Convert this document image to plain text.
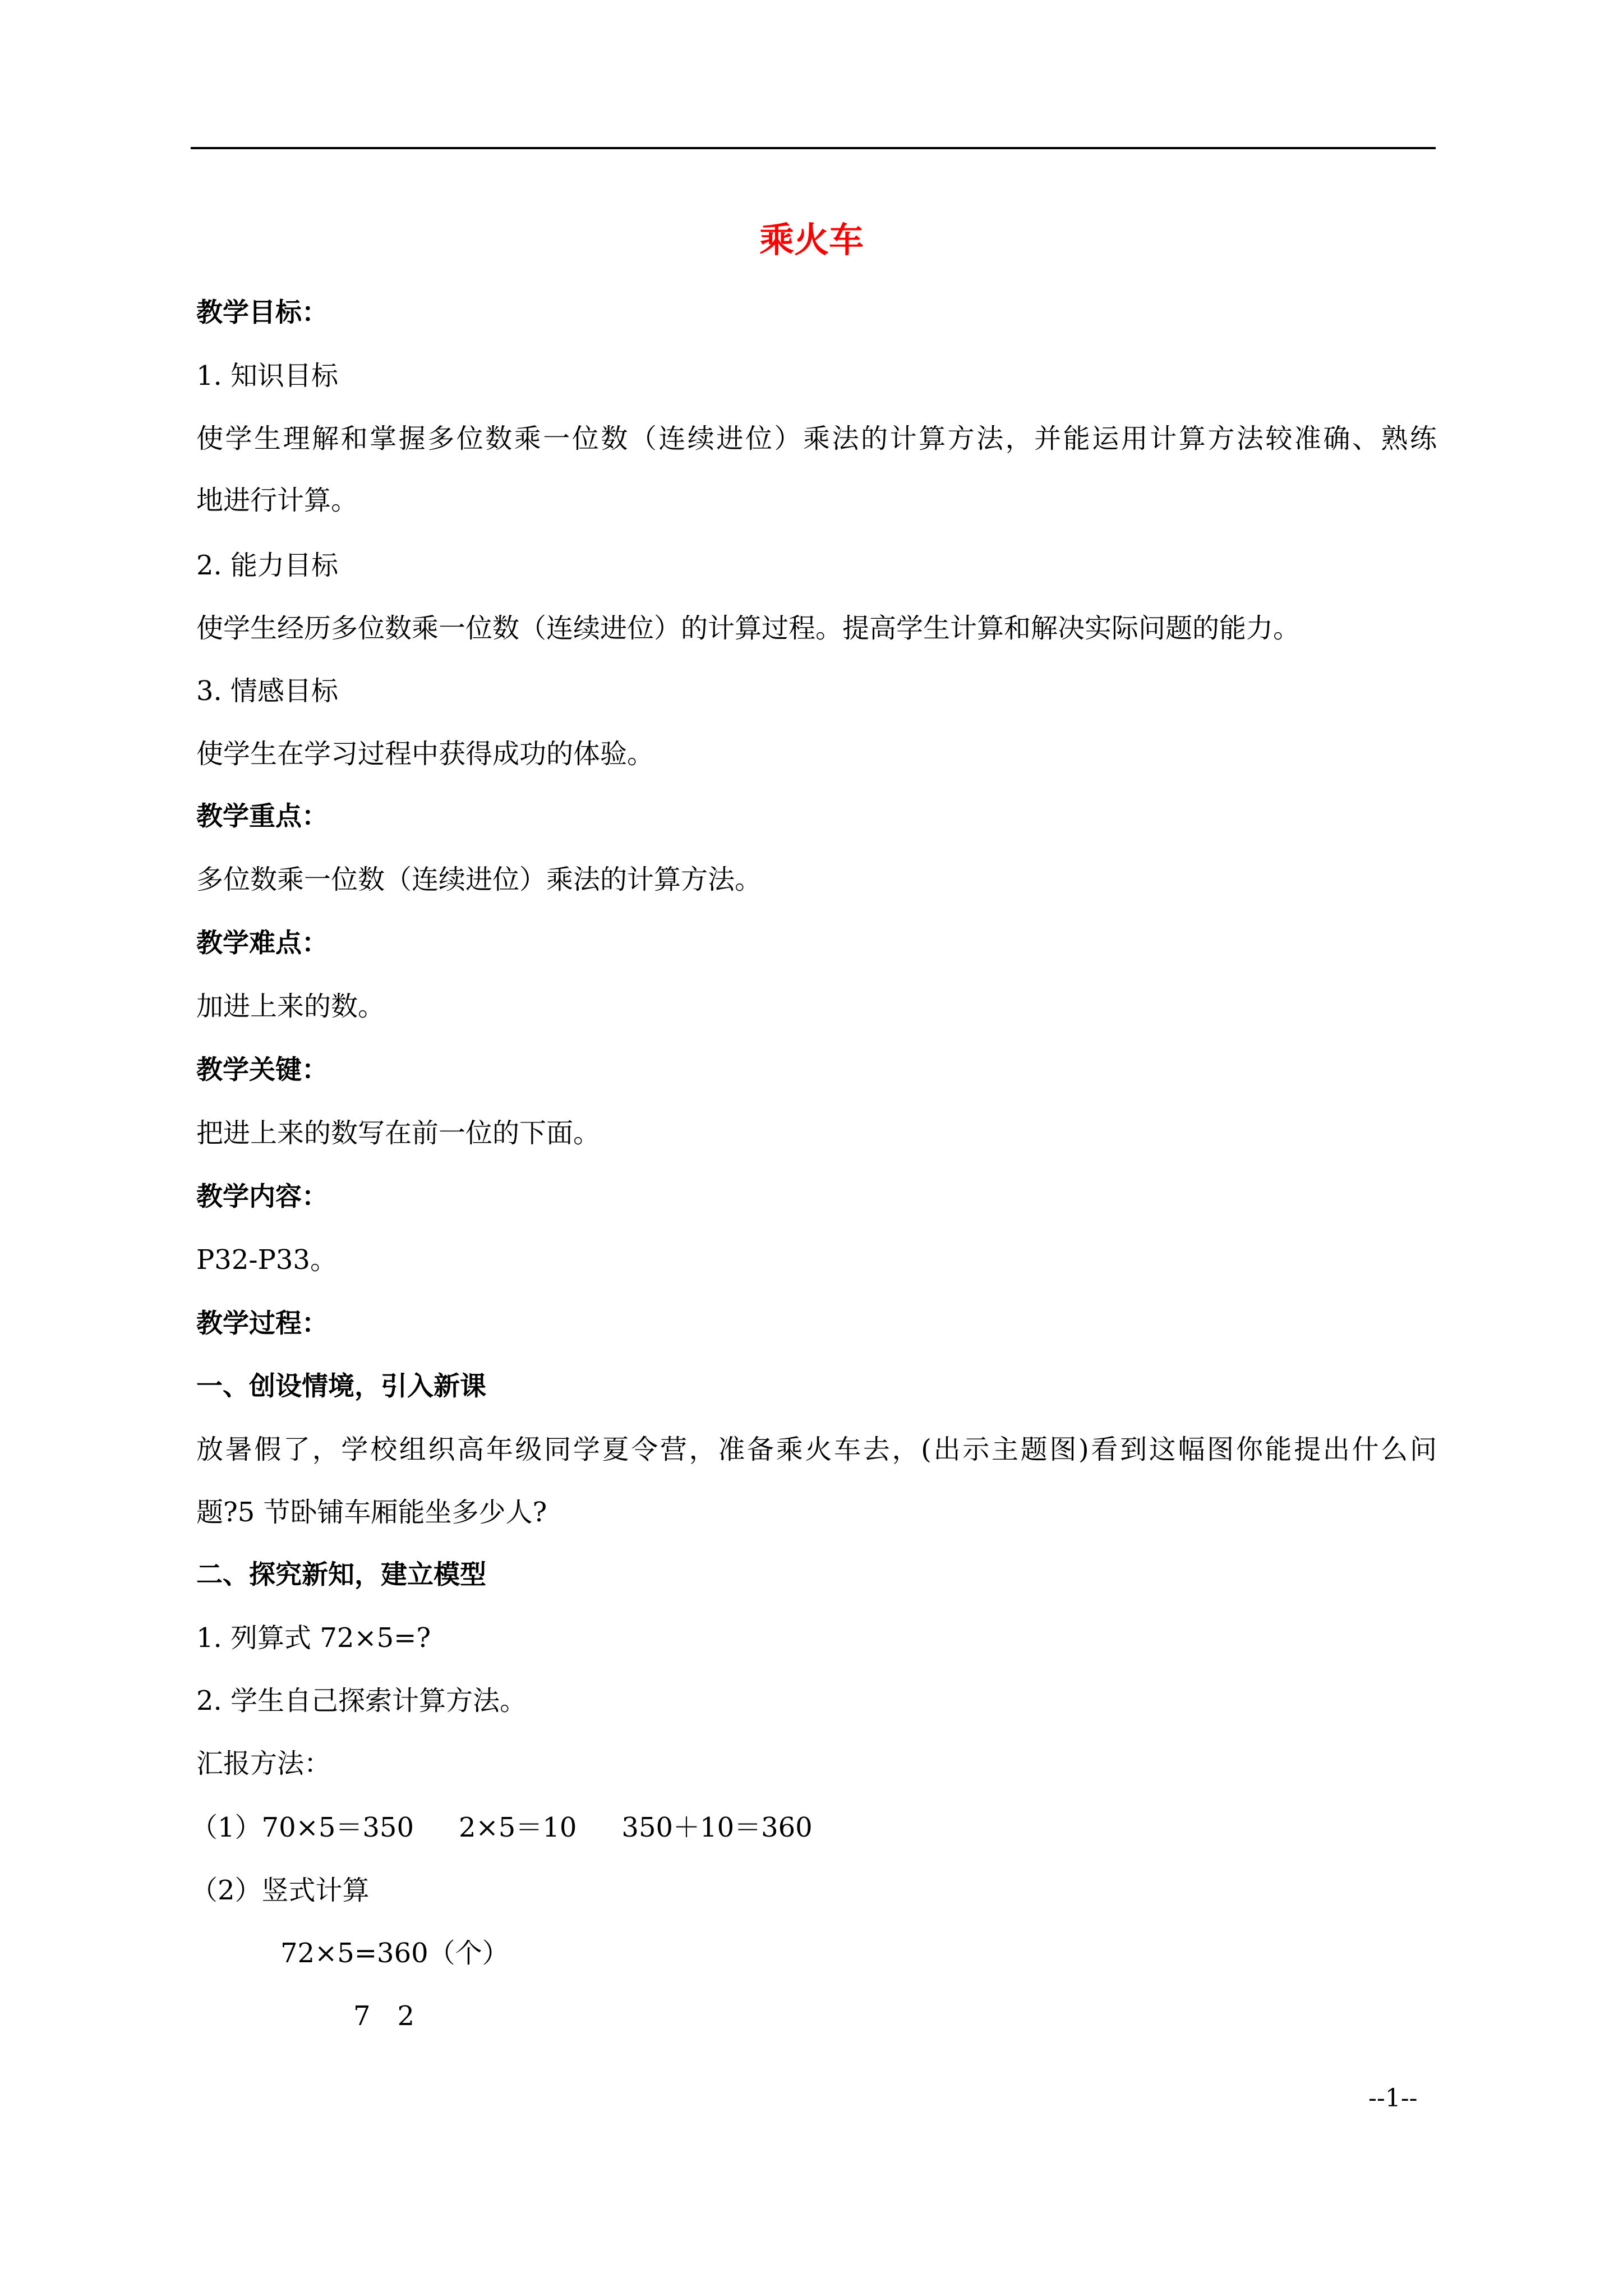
乘火车
教学目标：
1. 知识目标
使学生理解和掌握多位数乘一位数（连续进位）乘法的计算方法，并能运用计算方法较准确、熟练
地进行计算。
2. 能力目标
使学生经历多位数乘一位数（连续进位）的计算过程。提高学生计算和解决实际问题的能力。
3. 情感目标
使学生在学习过程中获得成功的体验。
教学重点：
多位数乘一位数（连续进位）乘法的计算方法。
教学难点：
加进上来的数。
教学关键：
把进上来的数写在前一位的下面。
教学内容：
P32-P33。
教学过程：
一、创设情境，引入新课
放暑假了，学校组织高年级同学夏令营，准备乘火车去，(出示主题图)看到这幅图你能提出什么问
题?5 节卧铺车厢能坐多少人?
二、探究新知，建立模型
1. 列算式 72×5=?
2. 学生自己探索计算方法。
汇报方法：
（1）70×5＝350 2×5＝10 350＋10＝360
（2）竖式计算
72×5=360（个）
7　2
--1--
